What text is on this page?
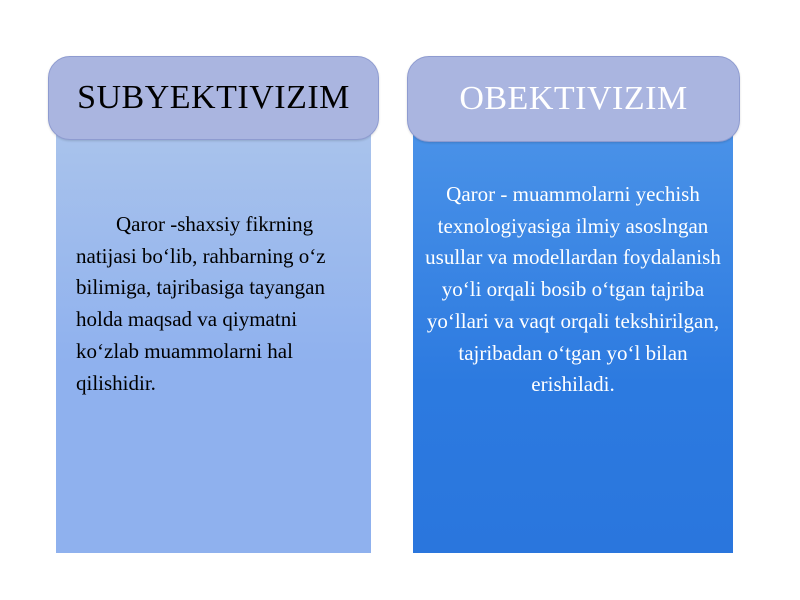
SUBYEKTIVIZIM	OBEKTIVIZIM
Qaror -shaxsiy fikrning natijasi bo‘lib, rahbarning o‘z bilimiga, tajribasiga tayangan holda maqsad va qiymatni ko‘zlab muammolarni hal qilishidir.
Qaror - muammolarni yechish texnologiyasiga ilmiy asoslngan usullar va modellardan foydalanish yo‘li orqali bosib o‘tgan tajriba yo‘llari va vaqt orqali tekshirilgan, tajribadan o‘tgan yo‘l bilan erishiladi.
